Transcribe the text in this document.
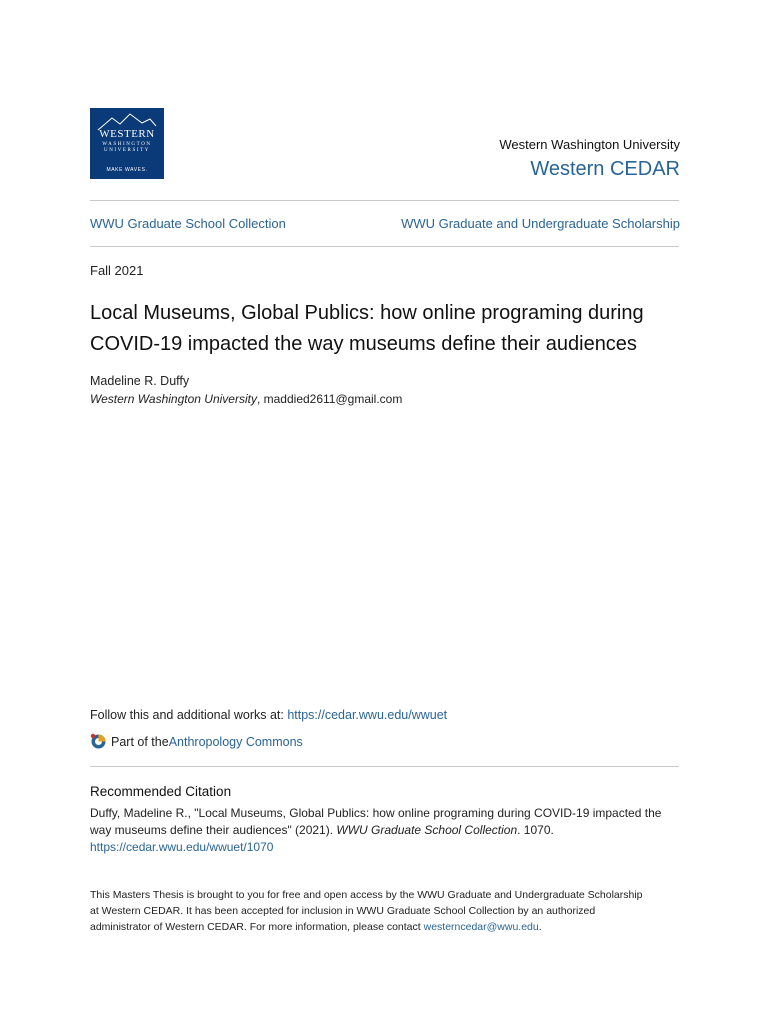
WESTERN
WASHINGTON UNIVERSITY
MAKE WAVES.
Western Washington University
Western CEDAR
WWU Graduate School Collection	WWU Graduate and Undergraduate Scholarship
Fall 2021
Local Museums, Global Publics: how online programing during COVID-19 impacted the way museums define their audiences
Madeline R. Duffy
Western Washington University, maddied2611@gmail.com
Follow this and additional works at: https://cedar.wwu.edu/wwuet
Part of the Anthropology Commons
Recommended Citation
Duffy, Madeline R., "Local Museums, Global Publics: how online programing during COVID-19 impacted the way museums define their audiences" (2021). WWU Graduate School Collection. 1070.
https://cedar.wwu.edu/wwuet/1070
This Masters Thesis is brought to you for free and open access by the WWU Graduate and Undergraduate Scholarship at Western CEDAR. It has been accepted for inclusion in WWU Graduate School Collection by an authorized administrator of Western CEDAR. For more information, please contact westerncedar@wwu.edu.
